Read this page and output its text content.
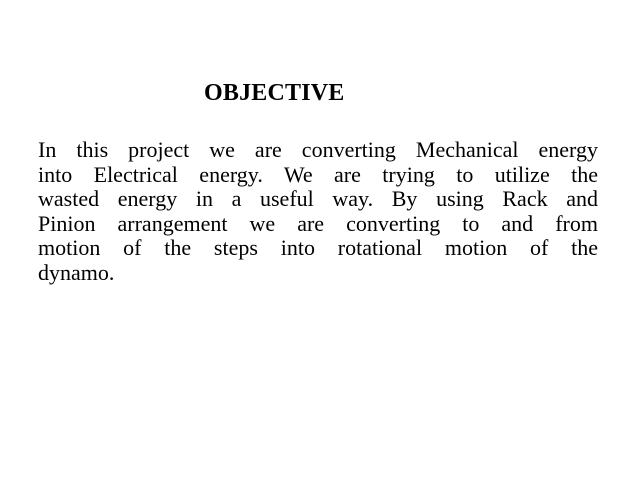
OBJECTIVE
In this project we are converting Mechanical energy
into Electrical energy. We are trying to utilize the
wasted energy in a useful way. By using Rack and
Pinion arrangement we are converting to and from
motion of the steps into rotational motion of the
dynamo.
